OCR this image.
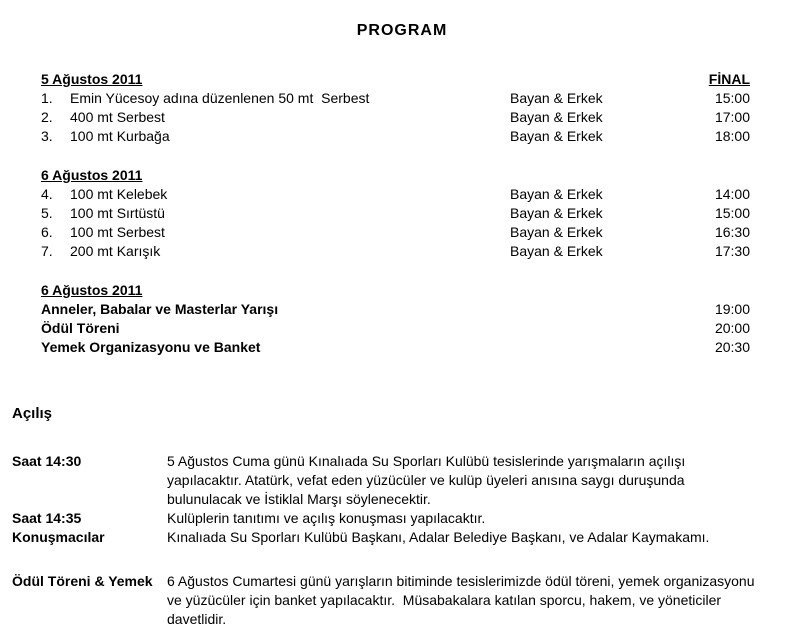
PROGRAM
5 Ağustos 2011	FİNAL
1.	Emin Yücesoy adına düzenlenen 50 mt  Serbest	Bayan & Erkek	15:00
2.	400 mt Serbest	Bayan & Erkek	17:00
3.	100 mt Kurbağa	Bayan & Erkek	18:00
6 Ağustos 2011
4.	100 mt Kelebek	Bayan & Erkek	14:00
5.	100 mt Sırtüstü	Bayan & Erkek	15:00
6.	100 mt Serbest	Bayan & Erkek	16:30
7.	200 mt Karışık	Bayan & Erkek	17:30
6 Ağustos 2011
Anneler, Babalar ve Masterlar Yarışı	19:00
Ödül Töreni	20:00
Yemek Organizasyonu ve Banket	20:30
Açılış
Saat 14:30	5 Ağustos Cuma günü Kınalıada Su Sporları Kulübü tesislerinde yarışmaların açılışı yapılacaktır. Atatürk, vefat eden yüzücüler ve kulüp üyeleri anısına saygı duruşunda bulunulacak ve İstiklal Marşı söylenecektir.
Saat 14:35	Kulüplerin tanıtımı ve açılış konuşması yapılacaktır.
Konuşmacılar	Kınalıada Su Sporları Kulübü Başkanı, Adalar Belediye Başkanı, ve Adalar Kaymakamı.
Ödül Töreni & Yemek	6 Ağustos Cumartesi günü yarışların bitiminde tesislerimizde ödül töreni, yemek organizasyonu ve yüzücüler için banket yapılacaktır.  Müsabakalara katılan sporcu, hakem, ve yöneticiler davetlidir.
